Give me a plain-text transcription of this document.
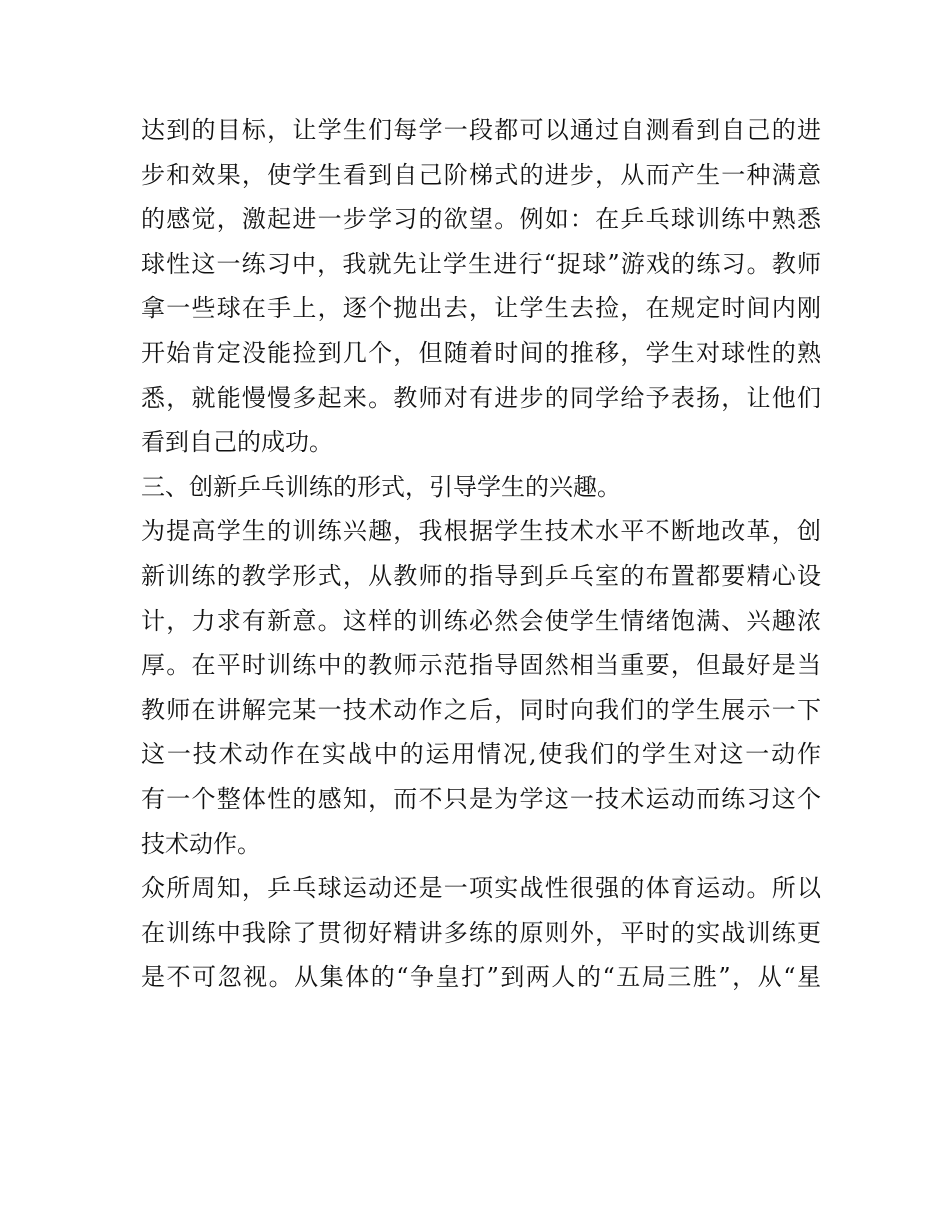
达到的目标，让学生们每学一段都可以通过自测看到自己的进
步和效果，使学生看到自己阶梯式的进步，从而产生一种满意
的感觉，激起进一步学习的欲望。例如：在乒乓球训练中熟悉
球性这一练习中，我就先让学生进行“捉球”游戏的练习。教师
拿一些球在手上，逐个抛出去，让学生去捡，在规定时间内刚
开始肯定没能捡到几个，但随着时间的推移，学生对球性的熟
悉，就能慢慢多起来。教师对有进步的同学给予表扬，让他们
看到自己的成功。
三、创新乒乓训练的形式，引导学生的兴趣。
为提高学生的训练兴趣，我根据学生技术水平不断地改革，创
新训练的教学形式，从教师的指导到乒乓室的布置都要精心设
计，力求有新意。这样的训练必然会使学生情绪饱满、兴趣浓
厚。在平时训练中的教师示范指导固然相当重要，但最好是当
教师在讲解完某一技术动作之后，同时向我们的学生展示一下
这一技术动作在实战中的运用情况,使我们的学生对这一动作
有一个整体性的感知，而不只是为学这一技术运动而练习这个
技术动作。
众所周知，乒乓球运动还是一项实战性很强的体育运动。所以
在训练中我除了贯彻好精讲多练的原则外，平时的实战训练更
是不可忽视。从集体的“争皇打”到两人的“五局三胜”，从“星
